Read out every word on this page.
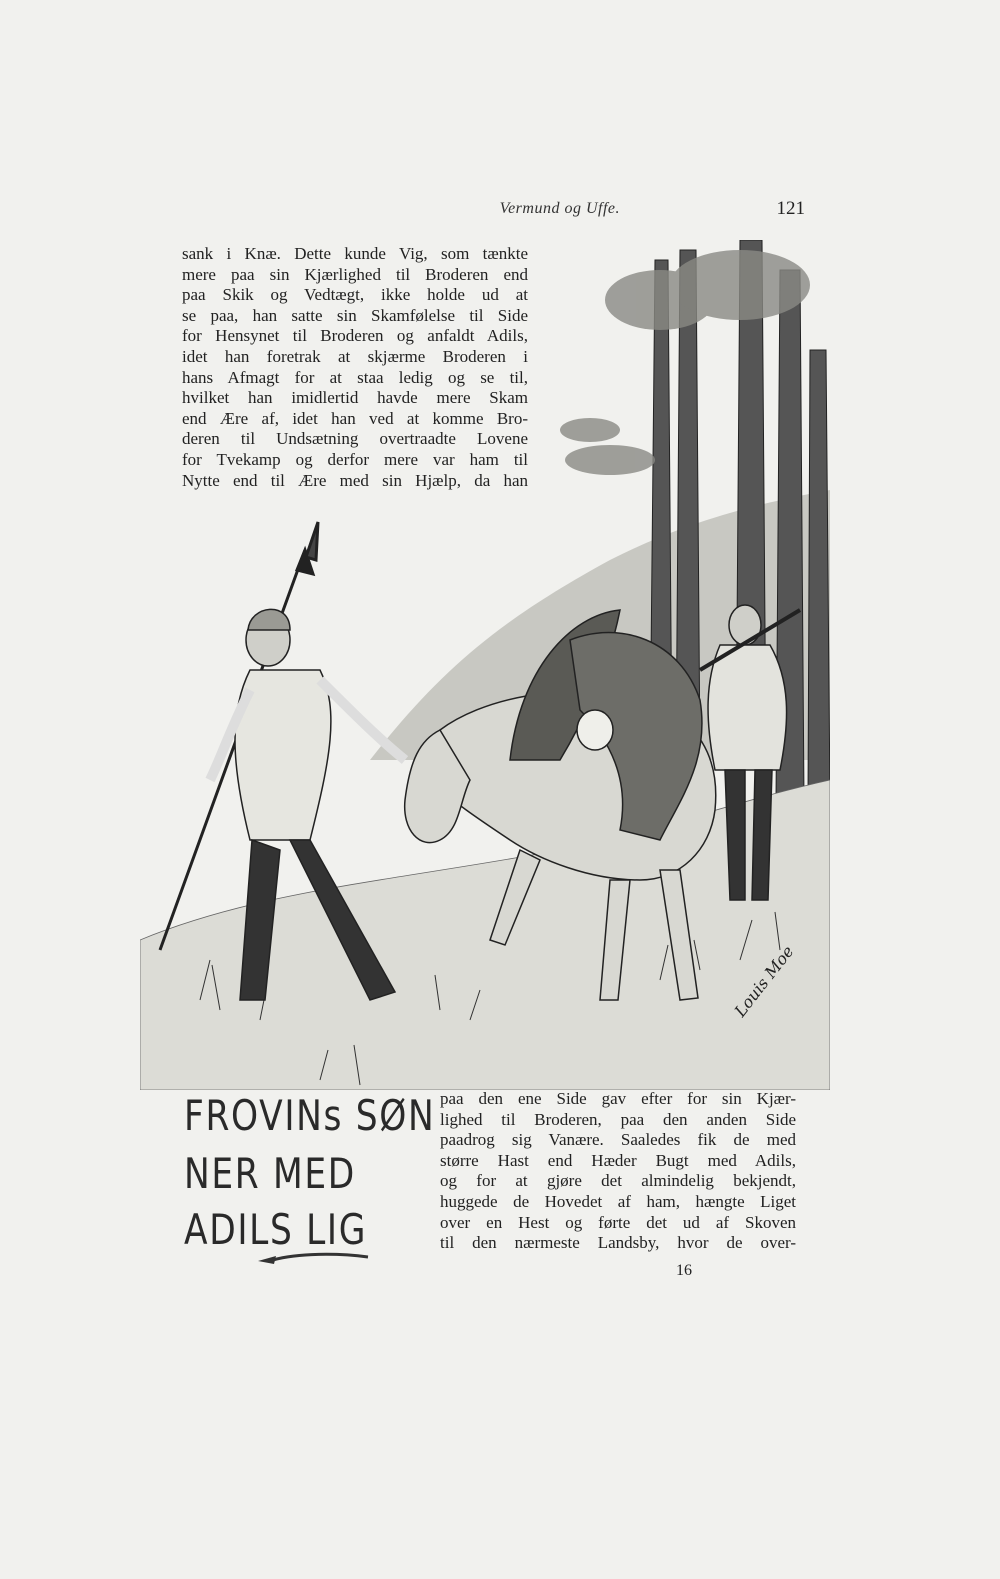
Vermund og Uffe.	121
Louis Moe
sank i Knæ. Dette kunde Vig, som tænkte
mere paa sin Kjærlighed til Broderen end
paa Skik og Vedtægt, ikke holde ud at
se paa, han satte sin Skamfølelse til Side
for Hensynet til Broderen og anfaldt Adils,
idet han foretrak at skjærme Broderen i
hans Afmagt for at staa ledig og se til,
hvilket han imidlertid havde mere Skam
end Ære af, idet han ved at komme Bro-
deren til Undsætning overtraadte Lovene
for Tvekamp og derfor mere var ham til
Nytte end til Ære med sin Hjælp, da han
FROVINs SØN
NER MED
ADILS LIG
paa den ene Side gav efter for sin Kjær-
lighed til Broderen, paa den anden Side
paadrog sig Vanære. Saaledes fik de med
større Hast end Hæder Bugt med Adils,
og for at gjøre det almindelig bekjendt,
huggede de Hovedet af ham, hængte Liget
over en Hest og førte det ud af Skoven
til den nærmeste Landsby, hvor de over-
16
